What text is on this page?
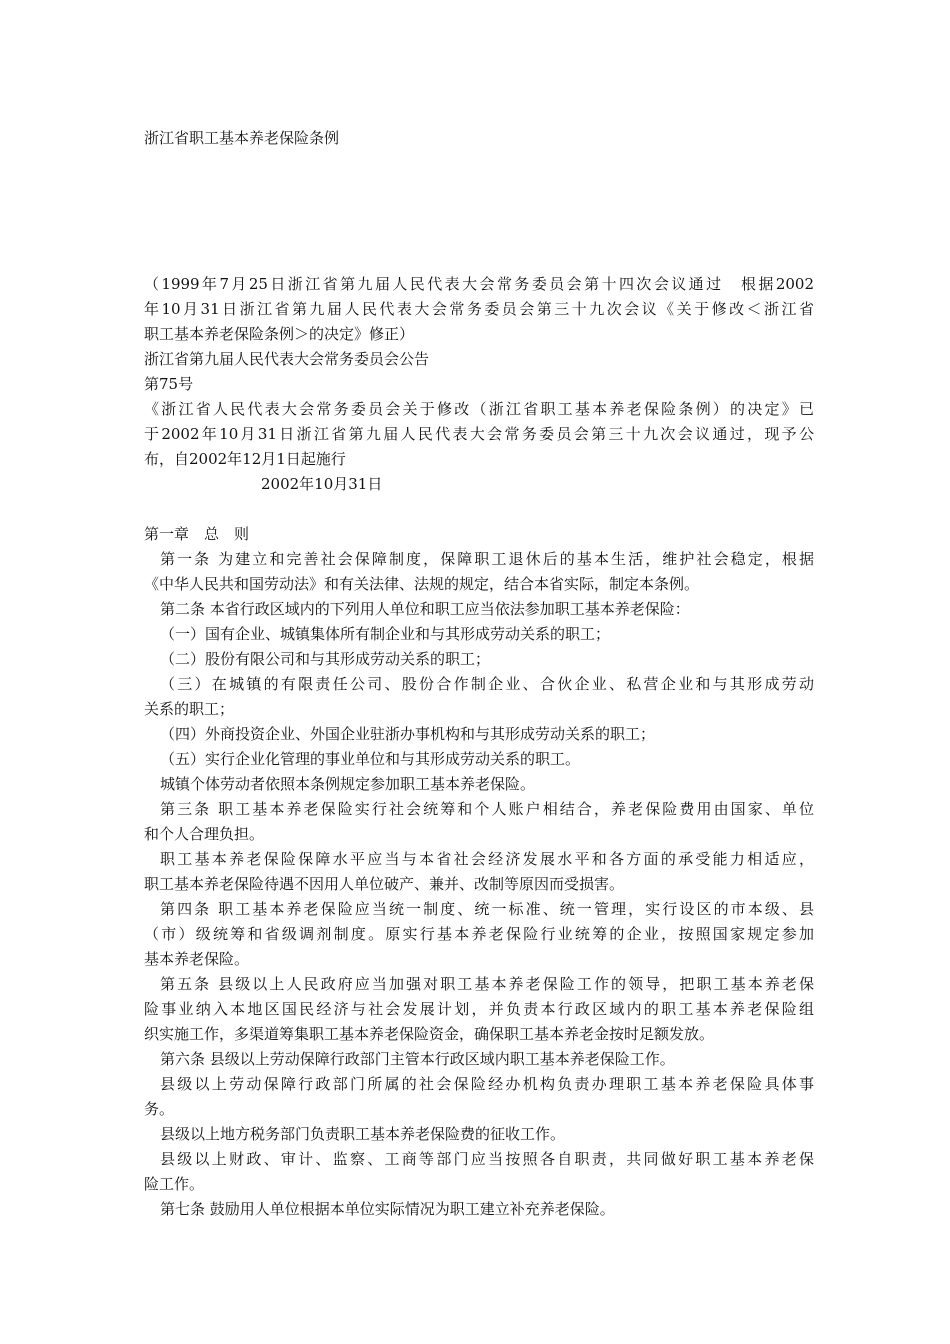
浙江省职工基本养老保险条例
（1999年7月25日浙江省第九届人民代表大会常务委员会第十四次会议通过　根据2002
年10月31日浙江省第九届人民代表大会常务委员会第三十九次会议《关于修改＜浙江省
职工基本养老保险条例＞的决定》修正）
浙江省第九届人民代表大会常务委员会公告
第75号
《浙江省人民代表大会常务委员会关于修改（浙江省职工基本养老保险条例）的决定》已
于2002年10月31日浙江省第九届人民代表大会常务委员会第三十九次会议通过，现予公
布，自2002年12月1日起施行
2002年10月31日
第一章　总　则
第一条 为建立和完善社会保障制度，保障职工退休后的基本生活，维护社会稳定，根据
《中华人民共和国劳动法》和有关法律、法规的规定，结合本省实际，制定本条例。
第二条 本省行政区域内的下列用人单位和职工应当依法参加职工基本养老保险：
（一）国有企业、城镇集体所有制企业和与其形成劳动关系的职工；
（二）股份有限公司和与其形成劳动关系的职工；
（三）在城镇的有限责任公司、股份合作制企业、合伙企业、私营企业和与其形成劳动
关系的职工；
（四）外商投资企业、外国企业驻浙办事机构和与其形成劳动关系的职工；
（五）实行企业化管理的事业单位和与其形成劳动关系的职工。
城镇个体劳动者依照本条例规定参加职工基本养老保险。
第三条 职工基本养老保险实行社会统筹和个人账户相结合，养老保险费用由国家、单位
和个人合理负担。
职工基本养老保险保障水平应当与本省社会经济发展水平和各方面的承受能力相适应，
职工基本养老保险待遇不因用人单位破产、兼并、改制等原因而受损害。
第四条 职工基本养老保险应当统一制度、统一标准、统一管理，实行设区的市本级、县
（市）级统筹和省级调剂制度。原实行基本养老保险行业统筹的企业，按照国家规定参加
基本养老保险。
第五条 县级以上人民政府应当加强对职工基本养老保险工作的领导，把职工基本养老保
险事业纳入本地区国民经济与社会发展计划，并负责本行政区域内的职工基本养老保险组
织实施工作，多渠道筹集职工基本养老保险资金，确保职工基本养老金按时足额发放。
第六条 县级以上劳动保障行政部门主管本行政区域内职工基本养老保险工作。
县级以上劳动保障行政部门所属的社会保险经办机构负责办理职工基本养老保险具体事
务。
县级以上地方税务部门负责职工基本养老保险费的征收工作。
县级以上财政、审计、监察、工商等部门应当按照各自职责，共同做好职工基本养老保
险工作。
第七条 鼓励用人单位根据本单位实际情况为职工建立补充养老保险。
